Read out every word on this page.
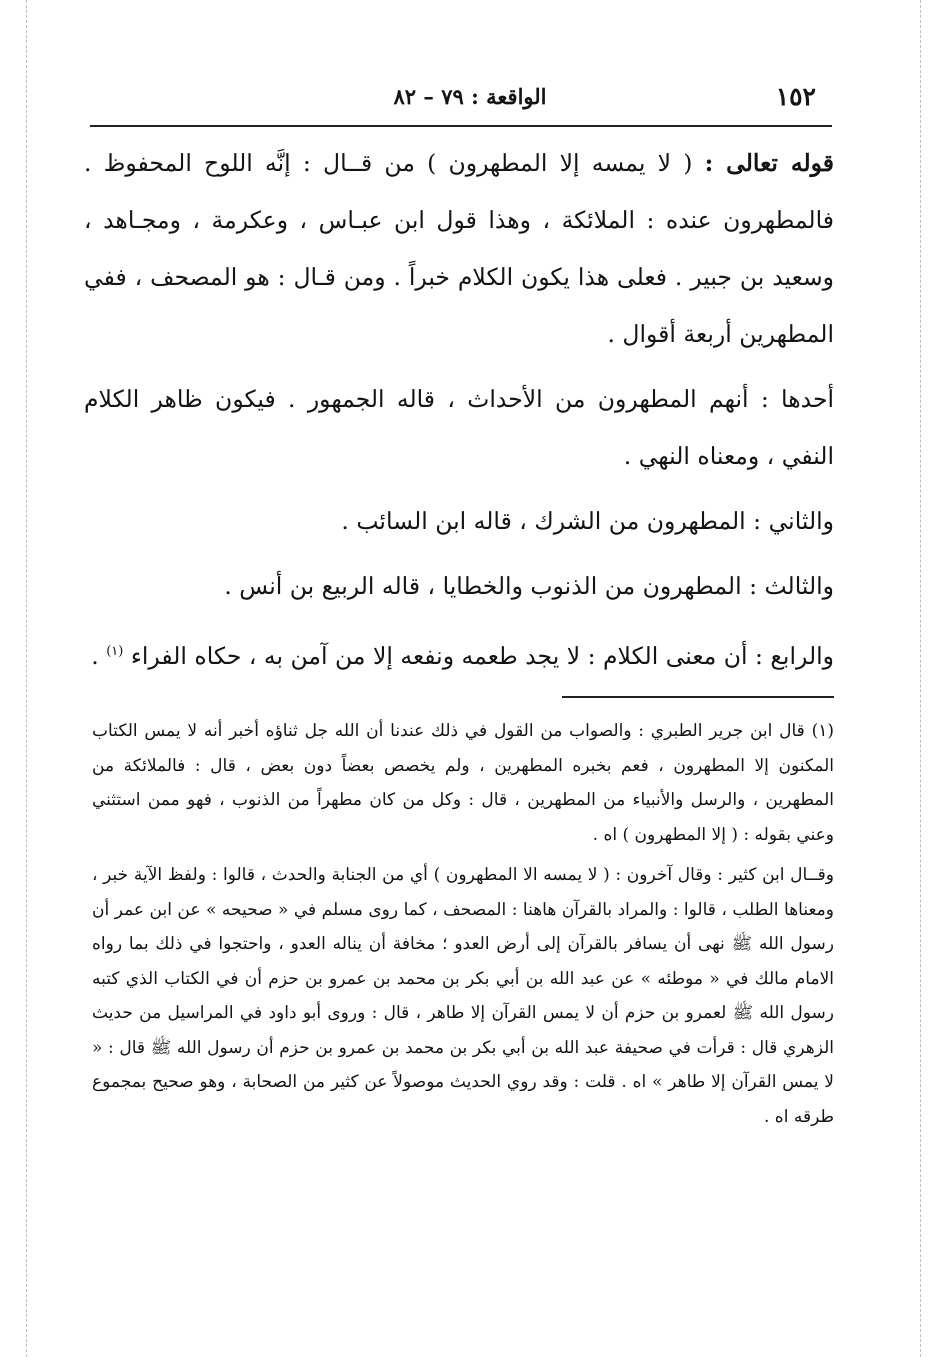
١٥٢
الواقعة : ٧٩ – ٨٢

قوله تعالى : ( لا يمسه إلا المطهرون ) من قــال : إنَّه اللوح المحفوظ . فالمطهرون عنده : الملائكة ، وهذا قول ابن عبـاس ، وعكرمة ، ومجـاهد ، وسعيد بن جبير . فعلى هذا يكون الكلام خبراً . ومن قـال : هو المصحف ، ففي المطهرين أربعة أقوال .

أحدها : أنهم المطهرون من الأحداث ، قاله الجمهور . فيكون ظاهر الكلام النفي ، ومعناه النهي .

والثاني : المطهرون من الشرك ، قاله ابن السائب .

والثالث : المطهرون من الذنوب والخطايا ، قاله الربيع بن أنس .

والرابع : أن معنى الكلام : لا يجد طعمه ونفعه إلا من آمن به ، حكاه الفراء $^{(١)}$ .

(١) قال ابن جرير الطبري : والصواب من القول في ذلك عندنا أن الله جل ثناؤه أخبر أنه لا يمس الكتاب المكنون إلا المطهرون ، فعم بخبره المطهرين ، ولم يخصص بعضاً دون بعض ، قال : فالملائكة من المطهرين ، والرسل والأنبياء من المطهرين ، قال : وكل من كان مطهراً من الذنوب ، فهو ممن استثني وعني بقوله : ( إلا المطهرون ) اه .

وقــال ابن كثير : وقال آخرون : ( لا يمسه الا المطهرون ) أي من الجنابة والحدث ، قالوا : ولفظ الآية خبر ، ومعناها الطلب ، قالوا : والمراد بالقرآن هاهنا : المصحف ، كما روى مسلم في « صحيحه » عن ابن عمر أن رسول الله ﷺ نهى أن يسافر بالقرآن إلى أرض العدو ؛ مخافة أن يناله العدو ، واحتجوا في ذلك بما رواه الامام مالك في « موطئه » عن عبد الله بن أبي بكر بن محمد بن عمرو بن حزم أن في الكتاب الذي كتبه رسول الله ﷺ لعمرو بن حزم أن لا يمس القرآن إلا طاهر ، قال : وروى أبو داود في المراسيل من حديث الزهري قال : قرأت في صحيفة عبد الله بن أبي بكر بن محمد بن عمرو بن حزم أن رسول الله ﷺ قال : « لا يمس القرآن إلا طاهر » اه . قلت : وقد روي الحديث موصولاً عن كثير من الصحابة ، وهو صحيح بمجموع طرقه اه .
